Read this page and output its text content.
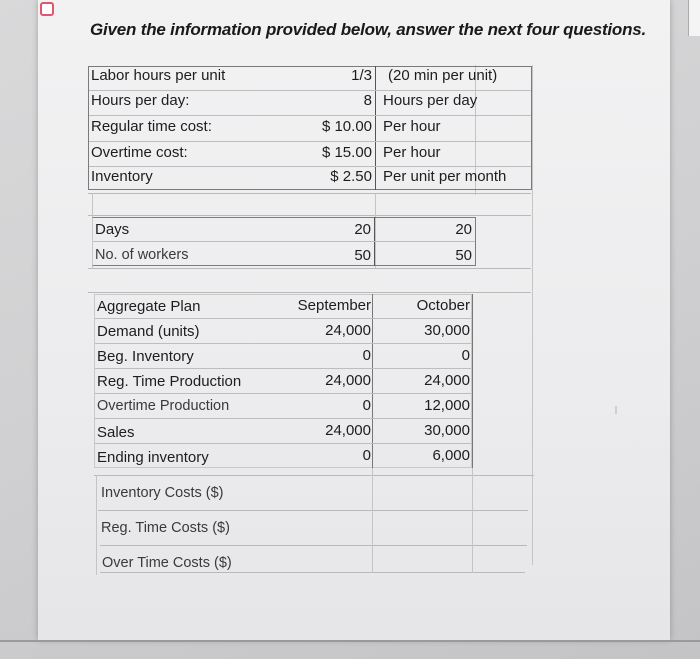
Given the information provided below, answer the next four questions.
Labor hours per unit	1/3 (20 min per unit)
Hours per day:	8 Hours per day
Regular time cost:	$ 10.00 Per hour
Overtime cost:	$ 15.00 Per hour
Inventory	$ 2.50 Per unit per month
Days	20	20
No. of workers	50	50
Aggregate Plan	September	October
Demand (units)	24,000	30,000
Beg. Inventory	0	0
Reg. Time Production	24,000	24,000
Overtime Production	0	12,000
Sales	24,000	30,000
Ending inventory	0	6,000
Inventory Costs ($)
Reg. Time Costs ($)
Over Time Costs ($)
